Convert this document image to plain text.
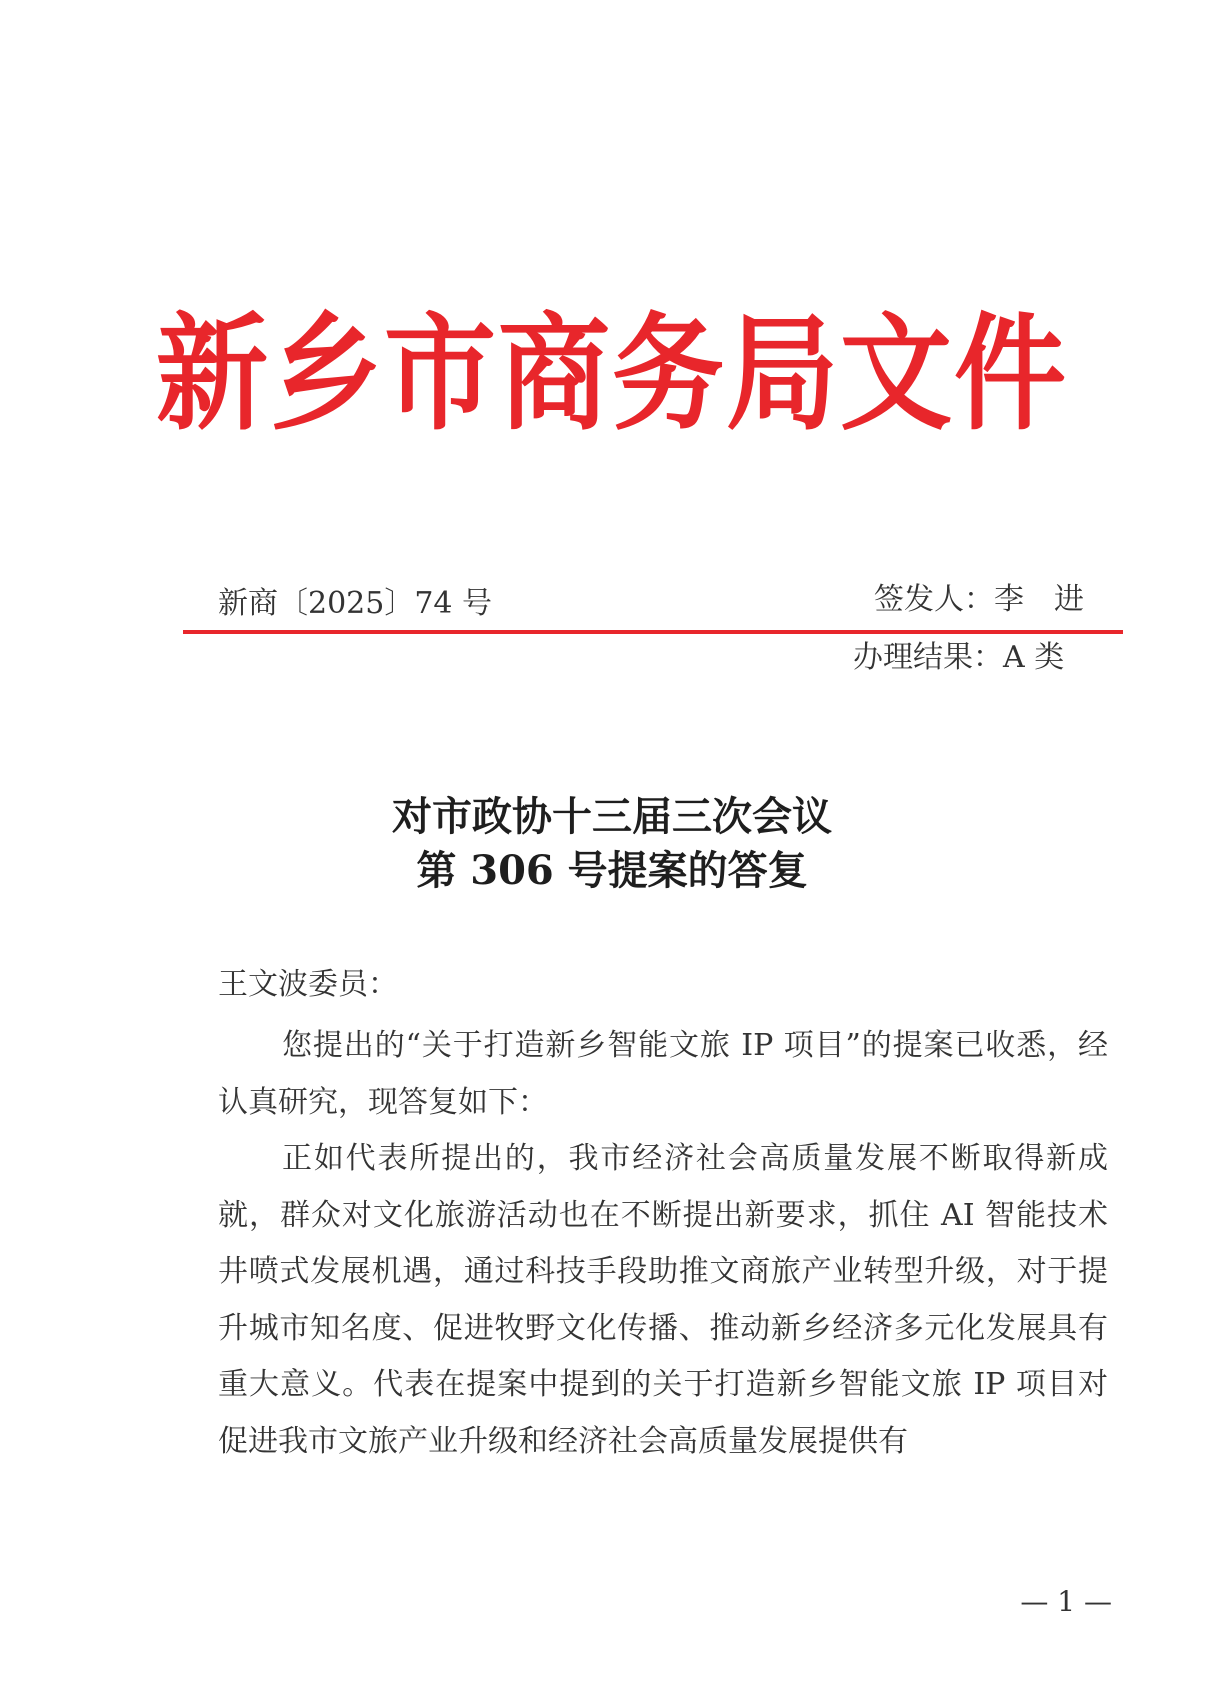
新乡市商务局文件
新商〔2025〕74 号	签发人：李　进
办理结果：A 类
对市政协十三届三次会议
第 306 号提案的答复
王文波委员：

您提出的“关于打造新乡智能文旅 IP 项目”的提案已收悉，经认真研究，现答复如下：

正如代表所提出的，我市经济社会高质量发展不断取得新成就，群众对文化旅游活动也在不断提出新要求，抓住 AI 智能技术井喷式发展机遇，通过科技手段助推文商旅产业转型升级，对于提升城市知名度、促进牧野文化传播、推动新乡经济多元化发展具有重大意义。代表在提案中提到的关于打造新乡智能文旅 IP 项目对促进我市文旅产业升级和经济社会高质量发展提供有

— 1 —
